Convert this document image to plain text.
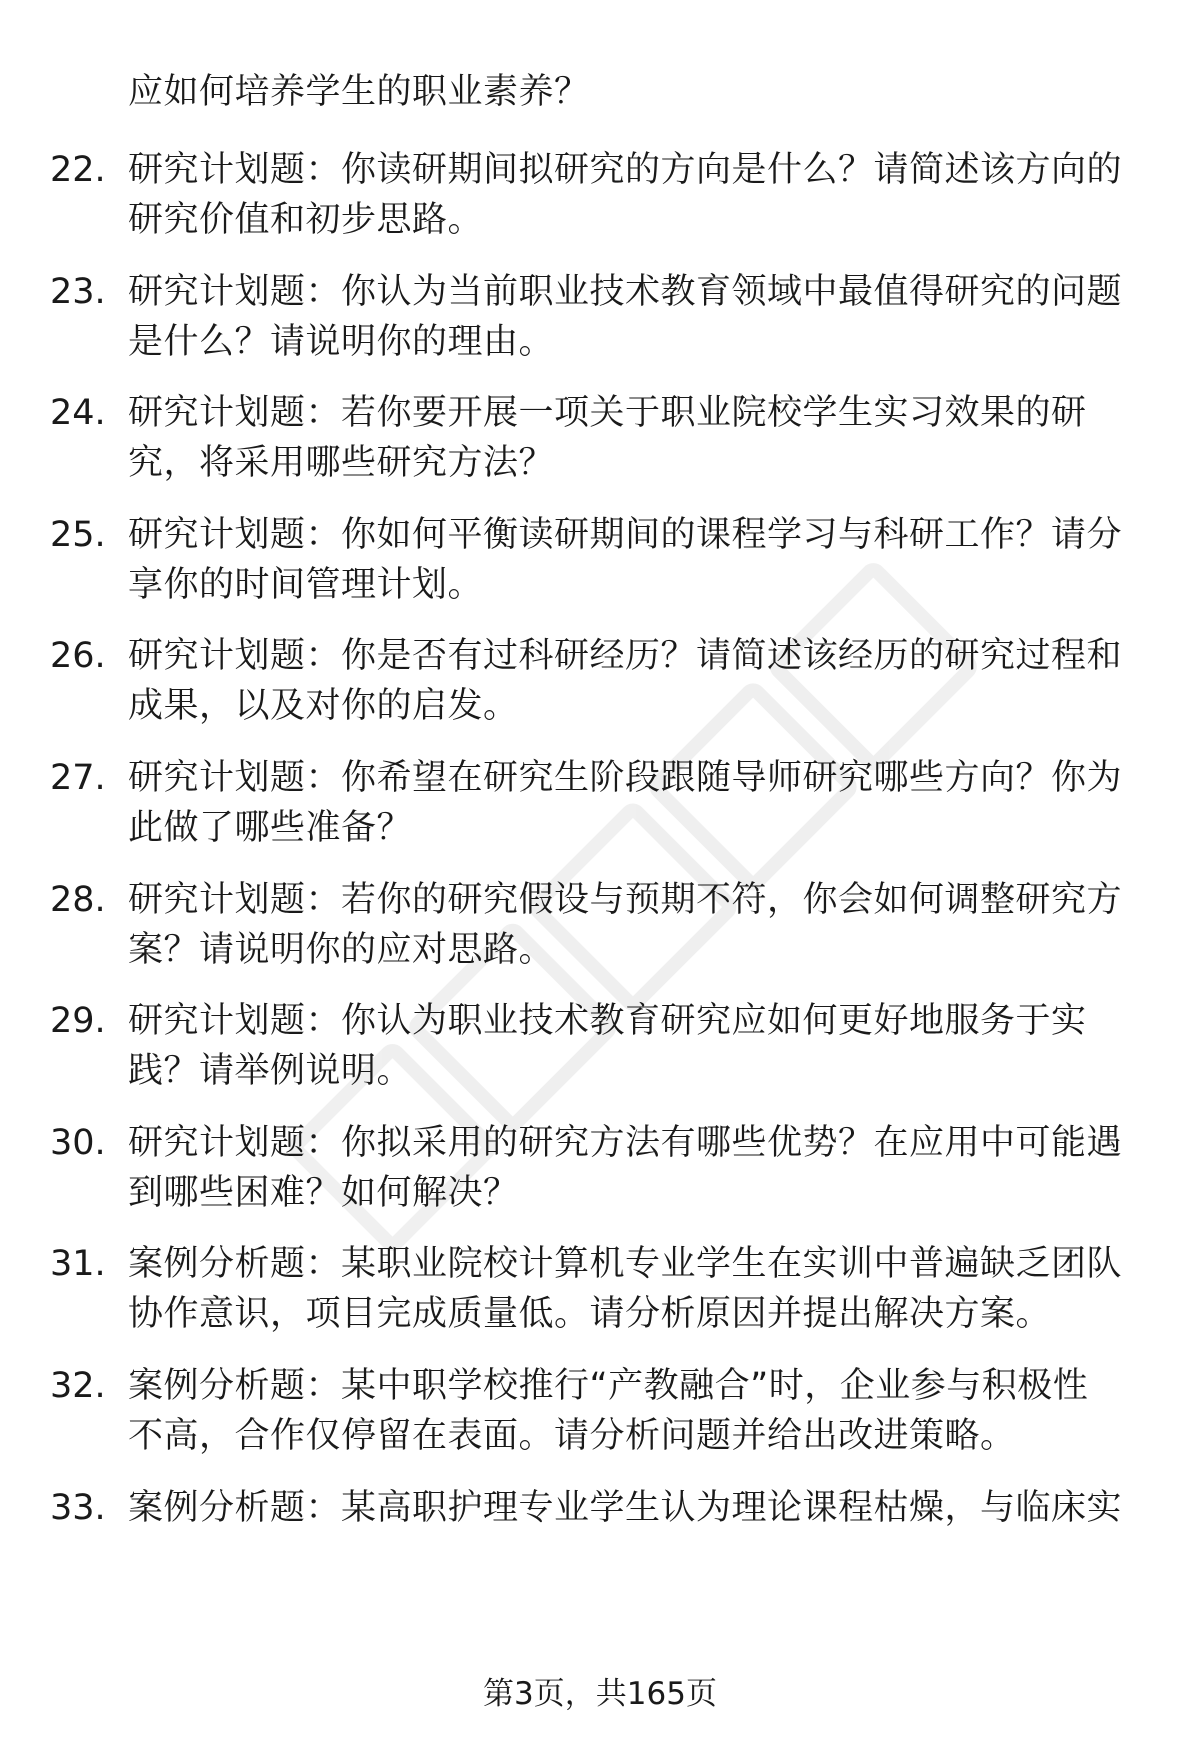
应如何培养学生的职业素养？
22. 研究计划题：你读研期间拟研究的方向是什么？请简述该方向的
研究价值和初步思路。
23. 研究计划题：你认为当前职业技术教育领域中最值得研究的问题
是什么？请说明你的理由。
24. 研究计划题：若你要开展一项关于职业院校学生实习效果的研
究，将采用哪些研究方法？
25. 研究计划题：你如何平衡读研期间的课程学习与科研工作？请分
享你的时间管理计划。
26. 研究计划题：你是否有过科研经历？请简述该经历的研究过程和
成果，以及对你的启发。
27. 研究计划题：你希望在研究生阶段跟随导师研究哪些方向？你为
此做了哪些准备？
28. 研究计划题：若你的研究假设与预期不符，你会如何调整研究方
案？请说明你的应对思路。
29. 研究计划题：你认为职业技术教育研究应如何更好地服务于实
践？请举例说明。
30. 研究计划题：你拟采用的研究方法有哪些优势？在应用中可能遇
到哪些困难？如何解决？
31. 案例分析题：某职业院校计算机专业学生在实训中普遍缺乏团队
协作意识，项目完成质量低。请分析原因并提出解决方案。
32. 案例分析题：某中职学校推行“产教融合”时，企业参与积极性
不高，合作仅停留在表面。请分析问题并给出改进策略。
33. 案例分析题：某高职护理专业学生认为理论课程枯燥，与临床实
第3页，共165页
